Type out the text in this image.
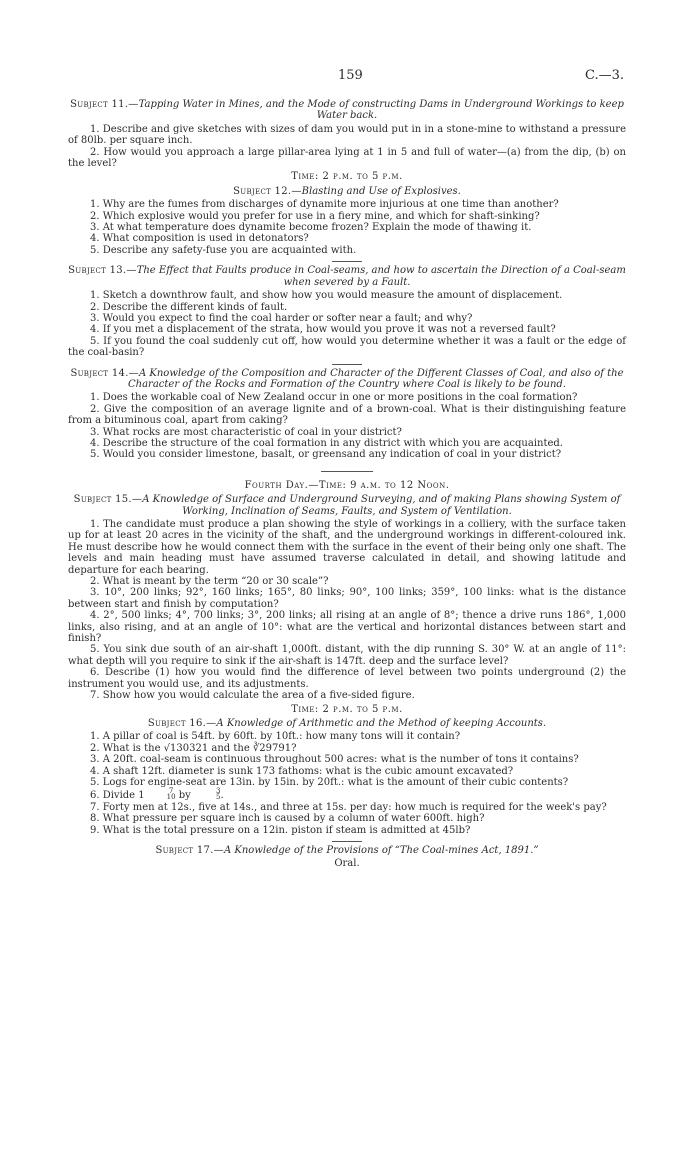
159	C.—3.

Subject 11.—Tapping Water in Mines, and the Mode of constructing Dams in Underground Workings to keep Water back.

1. Describe and give sketches with sizes of dam you would put in in a stone-mine to withstand a pressure of 80lb. per square inch.

2. How would you approach a large pillar-area lying at 1 in 5 and full of water—(a) from the dip, (b) on the level?

Time: 2 p.m. to 5 p.m.

Subject 12.—Blasting and Use of Explosives.

1. Why are the fumes from discharges of dynamite more injurious at one time than another?

2. Which explosive would you prefer for use in a fiery mine, and which for shaft-sinking?

3. At what temperature does dynamite become frozen? Explain the mode of thawing it.

4. What composition is used in detonators?

5. Describe any safety-fuse you are acquainted with.

Subject 13.—The Effect that Faults produce in Coal-seams, and how to ascertain the Direction of a Coal-seam when severed by a Fault.

1. Sketch a downthrow fault, and show how you would measure the amount of displacement.

2. Describe the different kinds of fault.

3. Would you expect to find the coal harder or softer near a fault; and why?

4. If you met a displacement of the strata, how would you prove it was not a reversed fault?

5. If you found the coal suddenly cut off, how would you determine whether it was a fault or the edge of the coal-basin?

Subject 14.—A Knowledge of the Composition and Character of the Different Classes of Coal, and also of the Character of the Rocks and Formation of the Country where Coal is likely to be found.

1. Does the workable coal of New Zealand occur in one or more positions in the coal formation?

2. Give the composition of an average lignite and of a brown-coal. What is their distinguishing feature from a bituminous coal, apart from caking?

3. What rocks are most characteristic of coal in your district?

4. Describe the structure of the coal formation in any district with which you are acquainted.

5. Would you consider limestone, basalt, or greensand any indication of coal in your district?

Fourth Day.—Time: 9 a.m. to 12 Noon.

Subject 15.—A Knowledge of Surface and Underground Surveying, and of making Plans showing System of Working, Inclination of Seams, Faults, and System of Ventilation.

1. The candidate must produce a plan showing the style of workings in a colliery, with the surface taken up for at least 20 acres in the vicinity of the shaft, and the underground workings in different-coloured ink. He must describe how he would connect them with the surface in the event of their being only one shaft. The levels and main heading must have assumed traverse calculated in detail, and showing latitude and departure for each bearing.

2. What is meant by the term “20 or 30 scale”?

3. 10°, 200 links; 92°, 160 links; 165°, 80 links; 90°, 100 links; 359°, 100 links: what is the distance between start and finish by computation?

4. 2°, 500 links; 4°, 700 links; 3°, 200 links; all rising at an angle of 8°; thence a drive runs 186°, 1,000 links, also rising, and at an angle of 10°: what are the vertical and horizontal distances between start and finish?

5. You sink due south of an air-shaft 1,000ft. distant, with the dip running S. 30° W. at an angle of 11°: what depth will you require to sink if the air-shaft is 147ft. deep and the surface level?

6. Describe (1) how you would find the difference of level between two points underground (2) the instrument you would use, and its adjustments.

7. Show how you would calculate the area of a five-sided figure.

Time: 2 p.m. to 5 p.m.

Subject 16.—A Knowledge of Arithmetic and the Method of keeping Accounts.

1. A pillar of coal is 54ft. by 60ft. by 10ft.: how many tons will it contain?

2. What is the √130321 and the ∛29791?

3. A 20ft. coal-seam is continuous throughout 500 acres: what is the number of tons it contains?

4. A shaft 12ft. diameter is sunk 173 fathoms: what is the cubic amount excavated?

5. Logs for engine-seat are 13in. by 15in. by 20ft.: what is the amount of their cubic contents?

6. Divide 1	7
10 by	3
5 .

7. Forty men at 12s., five at 14s., and three at 15s. per day: how much is required for the week's pay?

8. What pressure per square inch is caused by a column of water 600ft. high?

9. What is the total pressure on a 12in. piston if steam is admitted at 45lb?

Subject 17.—A Knowledge of the Provisions of “The Coal-mines Act, 1891.”

Oral.
